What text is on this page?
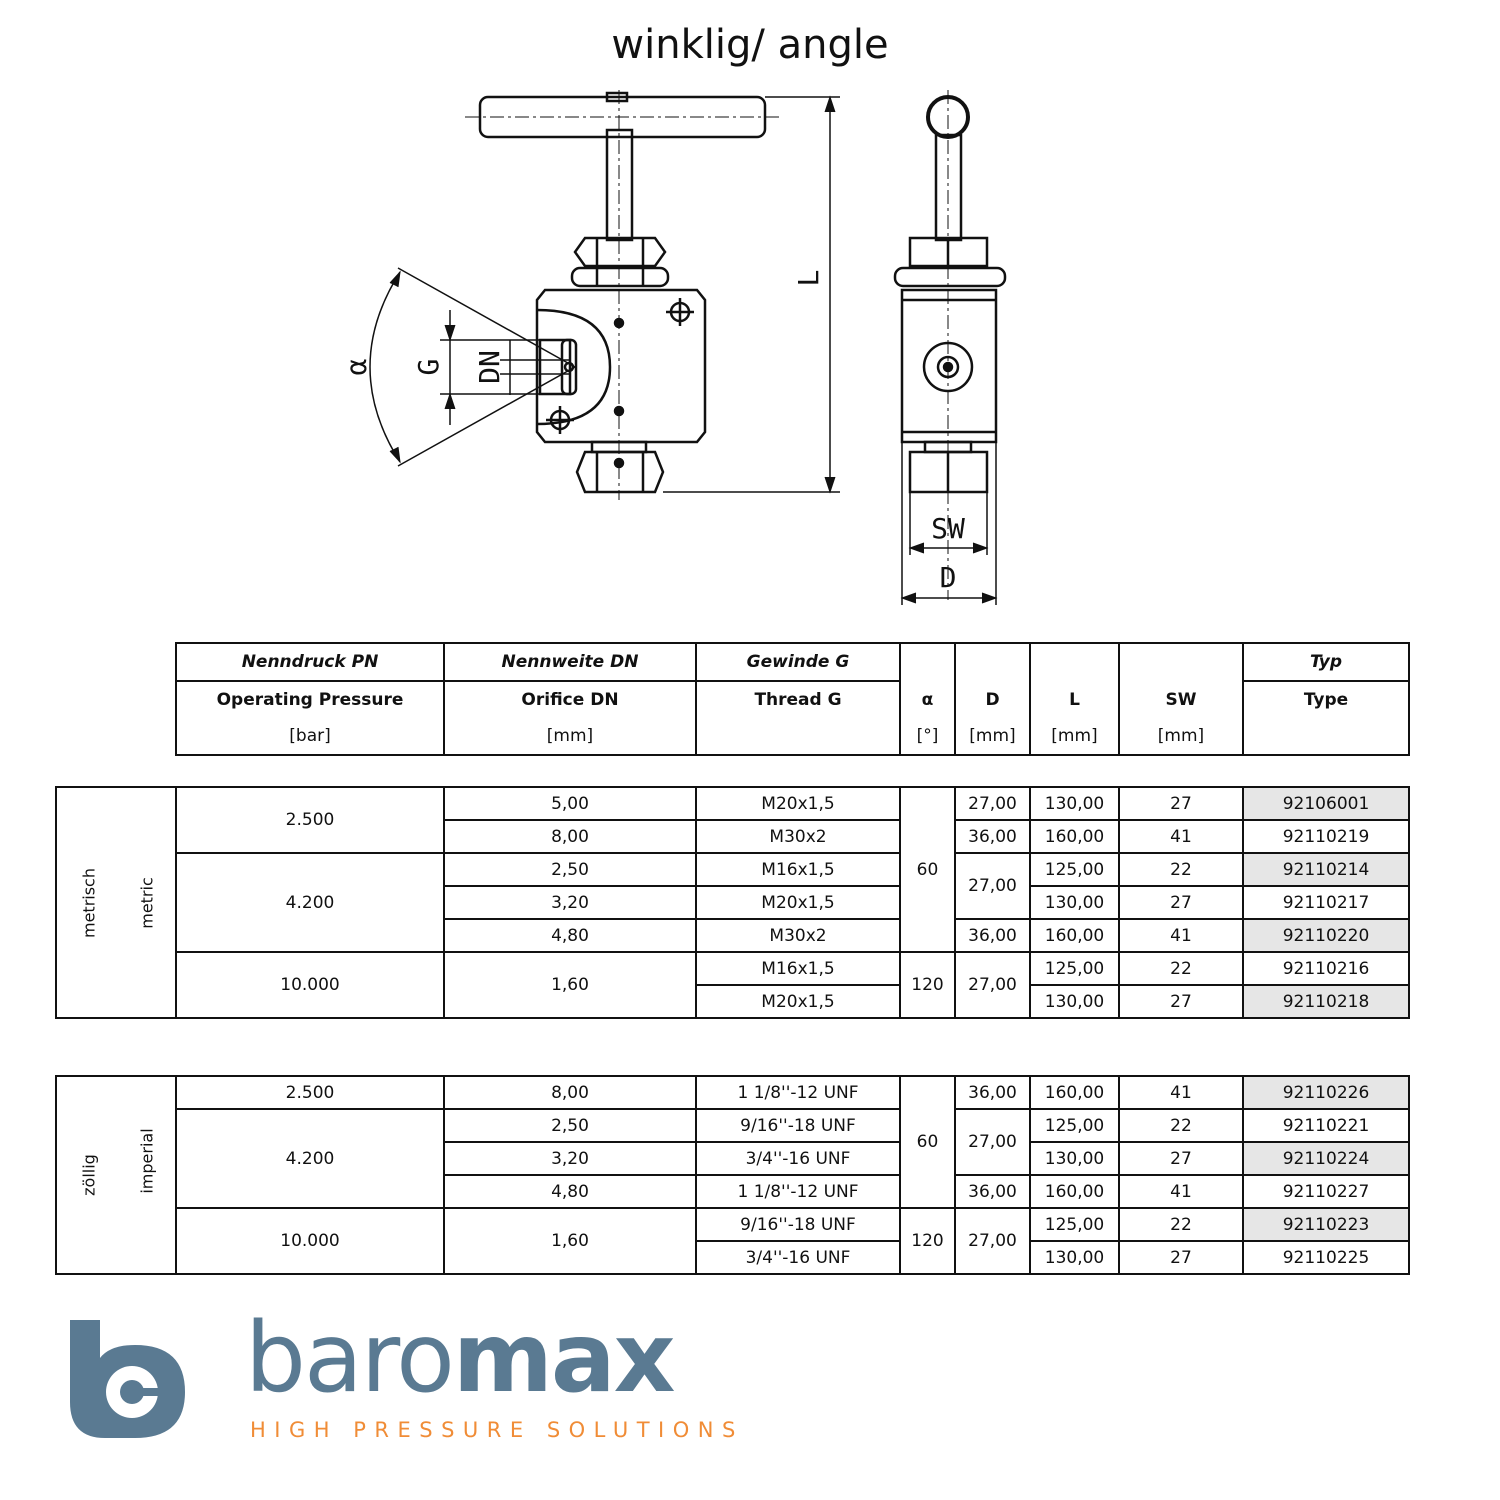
winklig/ angle
α G DN
L
SW
D
Nenndruck PN	Nennweite DN	Gewinde G					Typ
Operating Pressure	Orifice DN	Thread G	α	D	L	SW	Type
[bar]	[mm]		[°]	[mm]	[mm]	[mm]	
metrisch metric	2.500	5,00	M20x1,5	60	27,00	130,00	27	92106001
		8,00	M30x2		36,00	160,00	41	92110219
	4.200	2,50	M16x1,5		27,00	125,00	22	92110214
		3,20	M20x1,5			130,00	27	92110217
		4,80	M30x2		36,00	160,00	41	92110220
	10.000	1,60	M16x1,5	120	27,00	125,00	22	92110216
			M20x1,5			130,00	27	92110218
zöllig imperial	2.500	8,00	1 1/8''-12 UNF	60	36,00	160,00	41	92110226
	4.200	2,50	9/16''-18 UNF		27,00	125,00	22	92110221
		3,20	3/4''-16 UNF			130,00	27	92110224
		4,80	1 1/8''-12 UNF		36,00	160,00	41	92110227
	10.000	1,60	9/16''-18 UNF	120	27,00	125,00	22	92110223
			3/4''-16 UNF			130,00	27	92110225
baromax
HIGH PRESSURE SOLUTIONS
